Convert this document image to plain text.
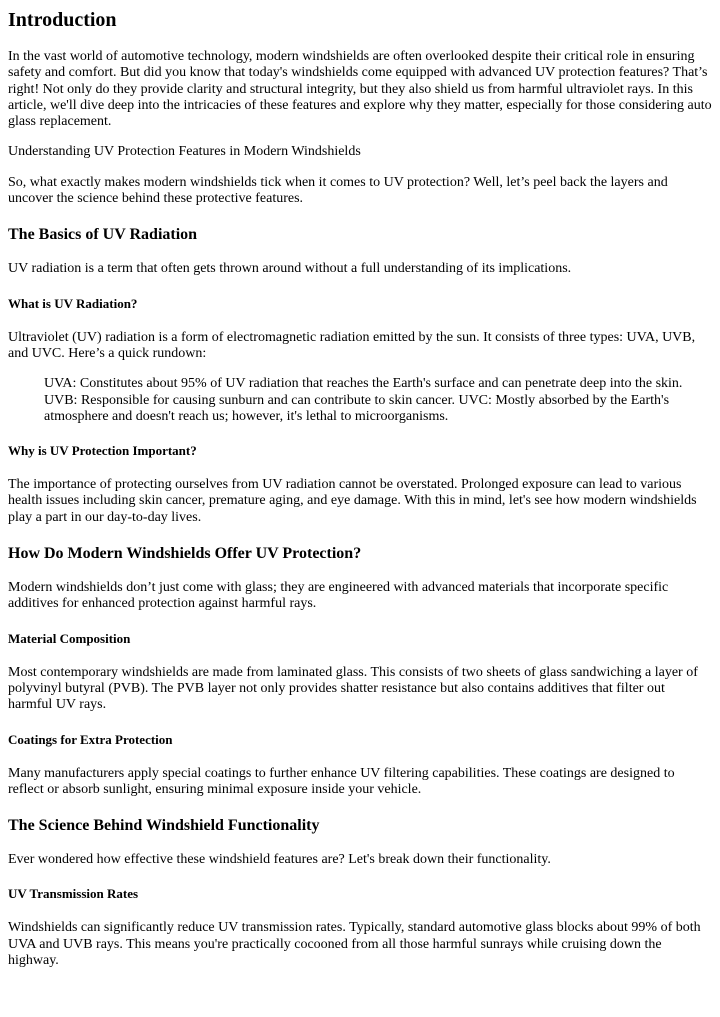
Introduction

In the vast world of automotive technology, modern windshields are often overlooked despite their critical role in ensuring safety and comfort. But did you know that today's windshields come equipped with advanced UV protection features? That’s right! Not only do they provide clarity and structural integrity, but they also shield us from harmful ultraviolet rays. In this article, we'll dive deep into the intricacies of these features and explore why they matter, especially for those considering auto glass replacement.

Understanding UV Protection Features in Modern Windshields

So, what exactly makes modern windshields tick when it comes to UV protection? Well, let’s peel back the layers and uncover the science behind these protective features.

The Basics of UV Radiation

UV radiation is a term that often gets thrown around without a full understanding of its implications.

What is UV Radiation?

Ultraviolet (UV) radiation is a form of electromagnetic radiation emitted by the sun. It consists of three types: UVA, UVB, and UVC. Here’s a quick rundown:

UVA: Constitutes about 95% of UV radiation that reaches the Earth's surface and can penetrate deep into the skin. UVB: Responsible for causing sunburn and can contribute to skin cancer. UVC: Mostly absorbed by the Earth's atmosphere and doesn't reach us; however, it's lethal to microorganisms.

Why is UV Protection Important?

The importance of protecting ourselves from UV radiation cannot be overstated. Prolonged exposure can lead to various health issues including skin cancer, premature aging, and eye damage. With this in mind, let's see how modern windshields play a part in our day-to-day lives.

How Do Modern Windshields Offer UV Protection?

Modern windshields don’t just come with glass; they are engineered with advanced materials that incorporate specific additives for enhanced protection against harmful rays.

Material Composition

Most contemporary windshields are made from laminated glass. This consists of two sheets of glass sandwiching a layer of polyvinyl butyral (PVB). The PVB layer not only provides shatter resistance but also contains additives that filter out harmful UV rays.

Coatings for Extra Protection

Many manufacturers apply special coatings to further enhance UV filtering capabilities. These coatings are designed to reflect or absorb sunlight, ensuring minimal exposure inside your vehicle.

The Science Behind Windshield Functionality

Ever wondered how effective these windshield features are? Let's break down their functionality.

UV Transmission Rates

Windshields can significantly reduce UV transmission rates. Typically, standard automotive glass blocks about 99% of both UVA and UVB rays. This means you're practically cocooned from all those harmful sunrays while cruising down the highway.
